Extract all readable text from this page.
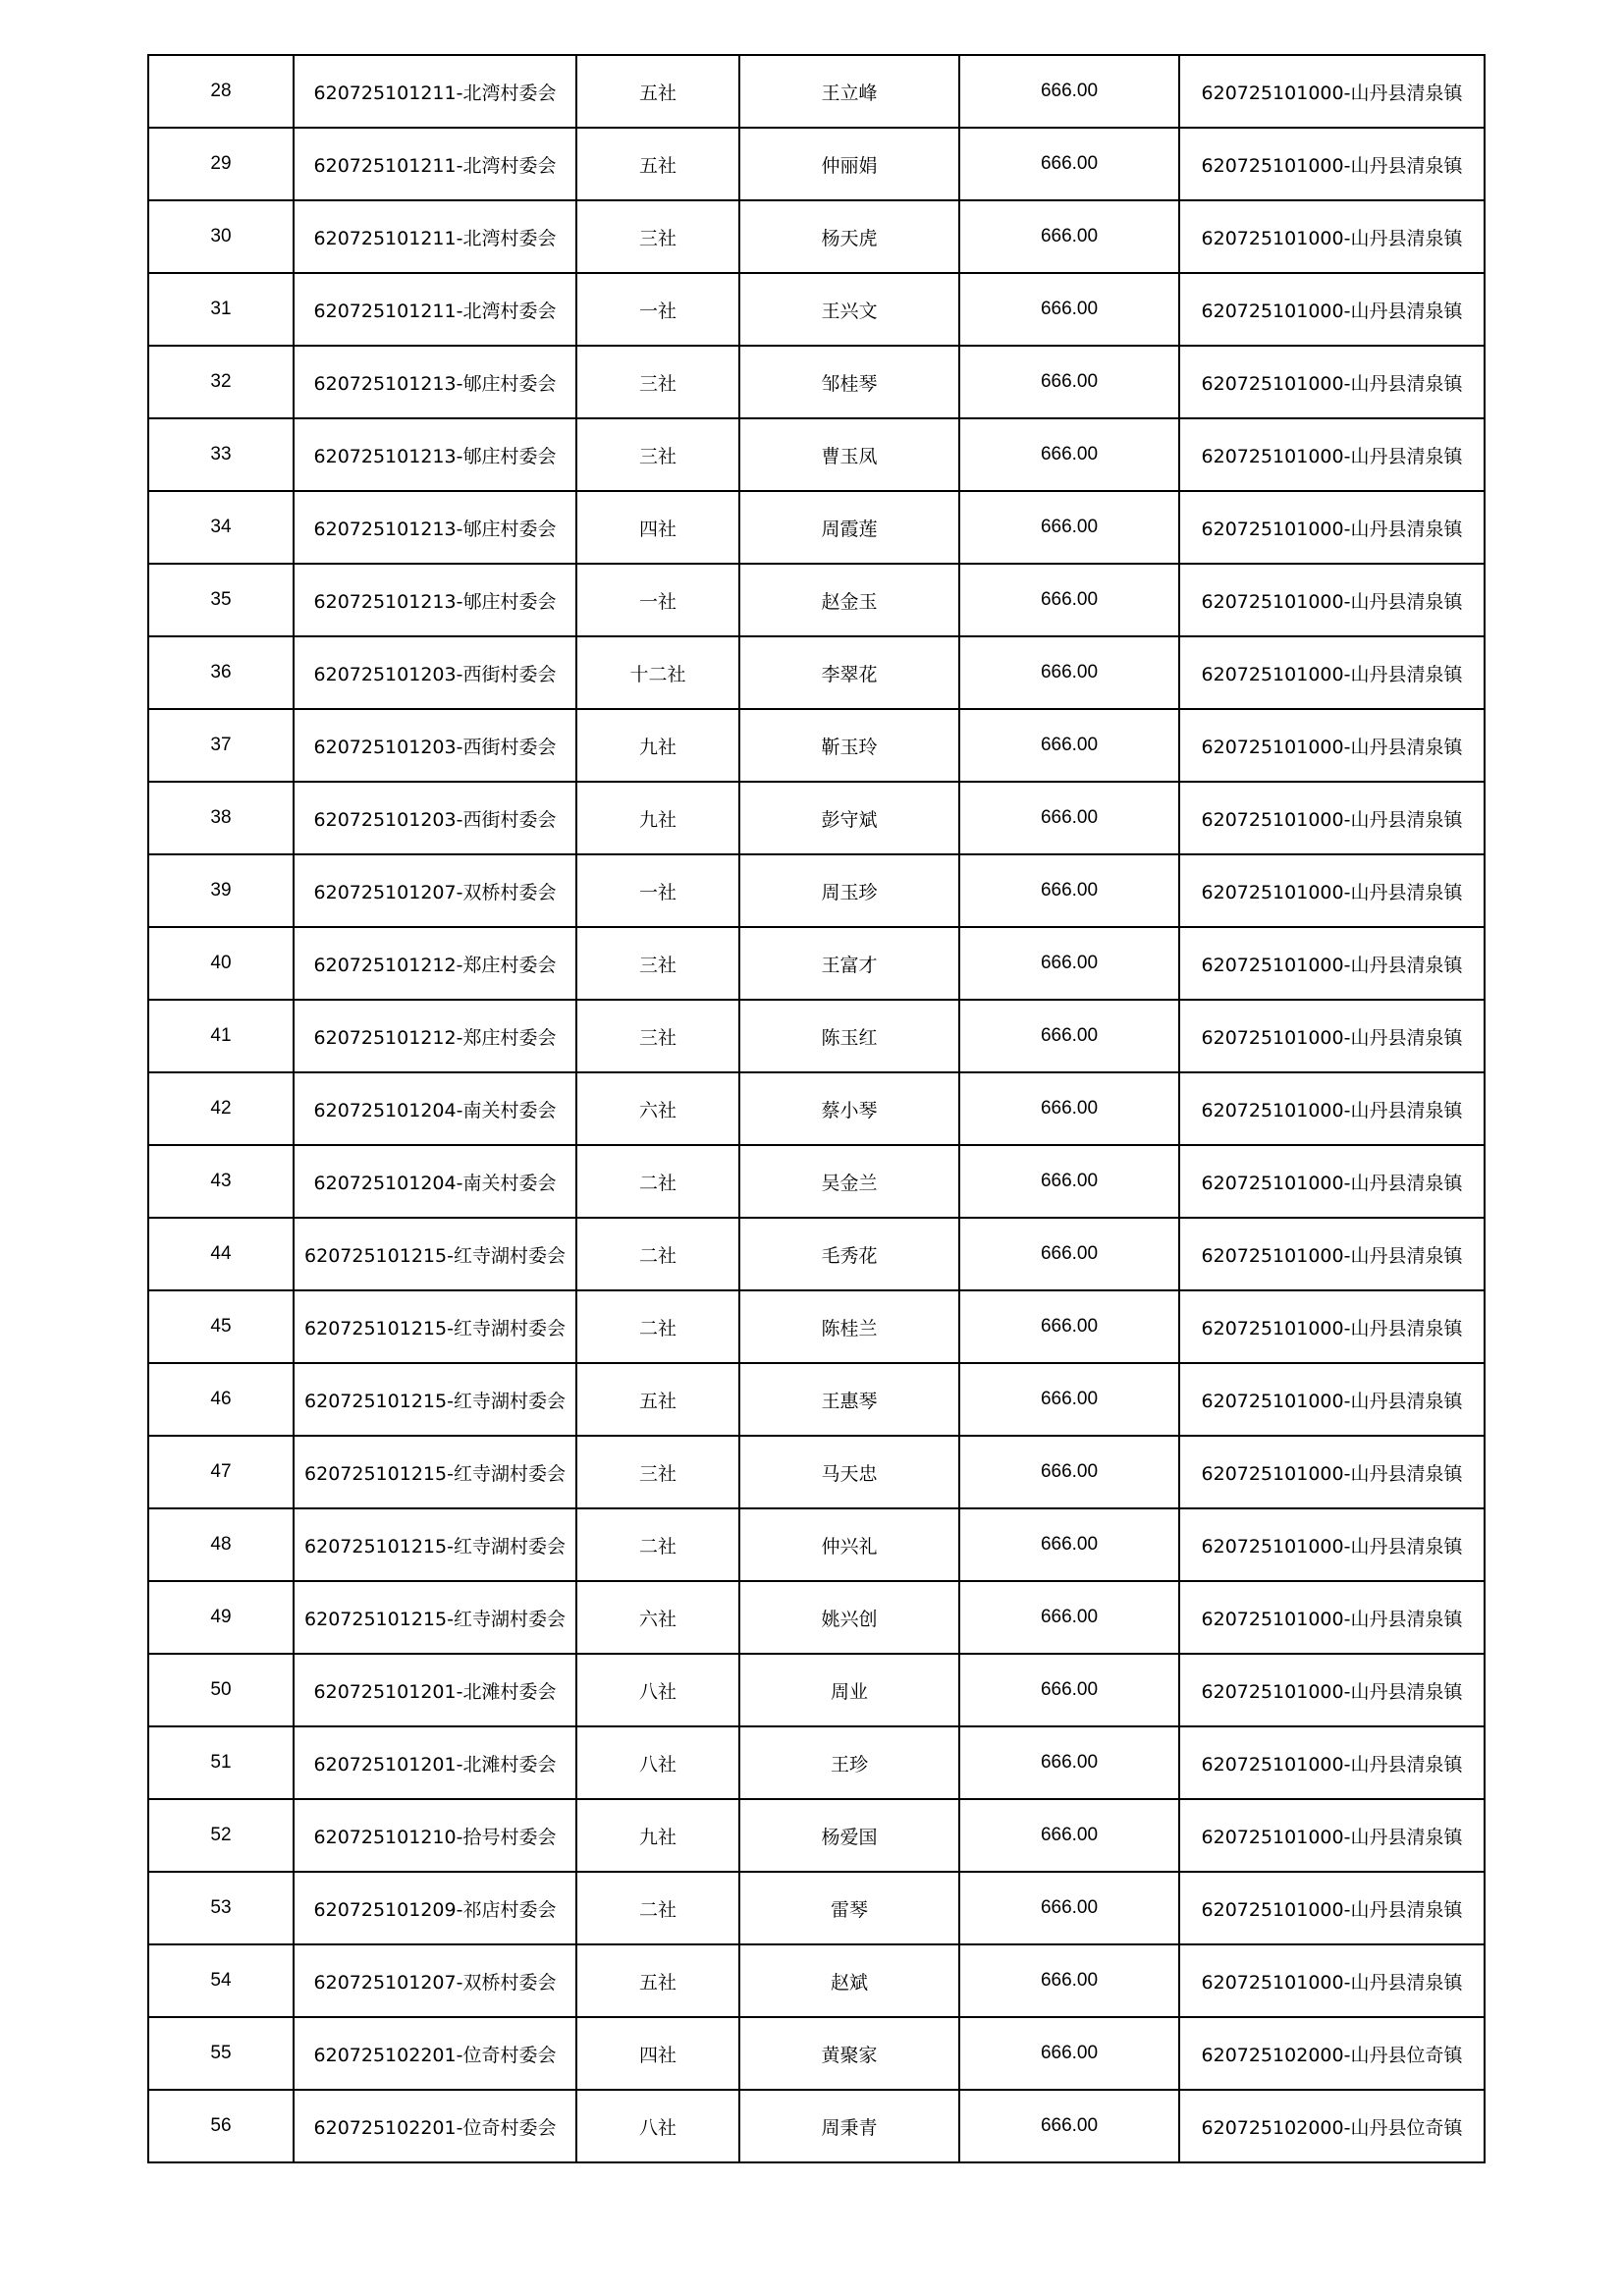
28	620725101211-北湾村委会	五社	王立峰	666.00	620725101000-山丹县清泉镇
29	620725101211-北湾村委会	五社	仲丽娟	666.00	620725101000-山丹县清泉镇
30	620725101211-北湾村委会	三社	杨天虎	666.00	620725101000-山丹县清泉镇
31	620725101211-北湾村委会	一社	王兴文	666.00	620725101000-山丹县清泉镇
32	620725101213-郇庄村委会	三社	邹桂琴	666.00	620725101000-山丹县清泉镇
33	620725101213-郇庄村委会	三社	曹玉凤	666.00	620725101000-山丹县清泉镇
34	620725101213-郇庄村委会	四社	周霞莲	666.00	620725101000-山丹县清泉镇
35	620725101213-郇庄村委会	一社	赵金玉	666.00	620725101000-山丹县清泉镇
36	620725101203-西街村委会	十二社	李翠花	666.00	620725101000-山丹县清泉镇
37	620725101203-西街村委会	九社	靳玉玲	666.00	620725101000-山丹县清泉镇
38	620725101203-西街村委会	九社	彭守斌	666.00	620725101000-山丹县清泉镇
39	620725101207-双桥村委会	一社	周玉珍	666.00	620725101000-山丹县清泉镇
40	620725101212-郑庄村委会	三社	王富才	666.00	620725101000-山丹县清泉镇
41	620725101212-郑庄村委会	三社	陈玉红	666.00	620725101000-山丹县清泉镇
42	620725101204-南关村委会	六社	蔡小琴	666.00	620725101000-山丹县清泉镇
43	620725101204-南关村委会	二社	吴金兰	666.00	620725101000-山丹县清泉镇
44	620725101215-红寺湖村委会	二社	毛秀花	666.00	620725101000-山丹县清泉镇
45	620725101215-红寺湖村委会	二社	陈桂兰	666.00	620725101000-山丹县清泉镇
46	620725101215-红寺湖村委会	五社	王惠琴	666.00	620725101000-山丹县清泉镇
47	620725101215-红寺湖村委会	三社	马天忠	666.00	620725101000-山丹县清泉镇
48	620725101215-红寺湖村委会	二社	仲兴礼	666.00	620725101000-山丹县清泉镇
49	620725101215-红寺湖村委会	六社	姚兴创	666.00	620725101000-山丹县清泉镇
50	620725101201-北滩村委会	八社	周业	666.00	620725101000-山丹县清泉镇
51	620725101201-北滩村委会	八社	王珍	666.00	620725101000-山丹县清泉镇
52	620725101210-拾号村委会	九社	杨爱国	666.00	620725101000-山丹县清泉镇
53	620725101209-祁店村委会	二社	雷琴	666.00	620725101000-山丹县清泉镇
54	620725101207-双桥村委会	五社	赵斌	666.00	620725101000-山丹县清泉镇
55	620725102201-位奇村委会	四社	黄聚家	666.00	620725102000-山丹县位奇镇
56	620725102201-位奇村委会	八社	周秉青	666.00	620725102000-山丹县位奇镇
